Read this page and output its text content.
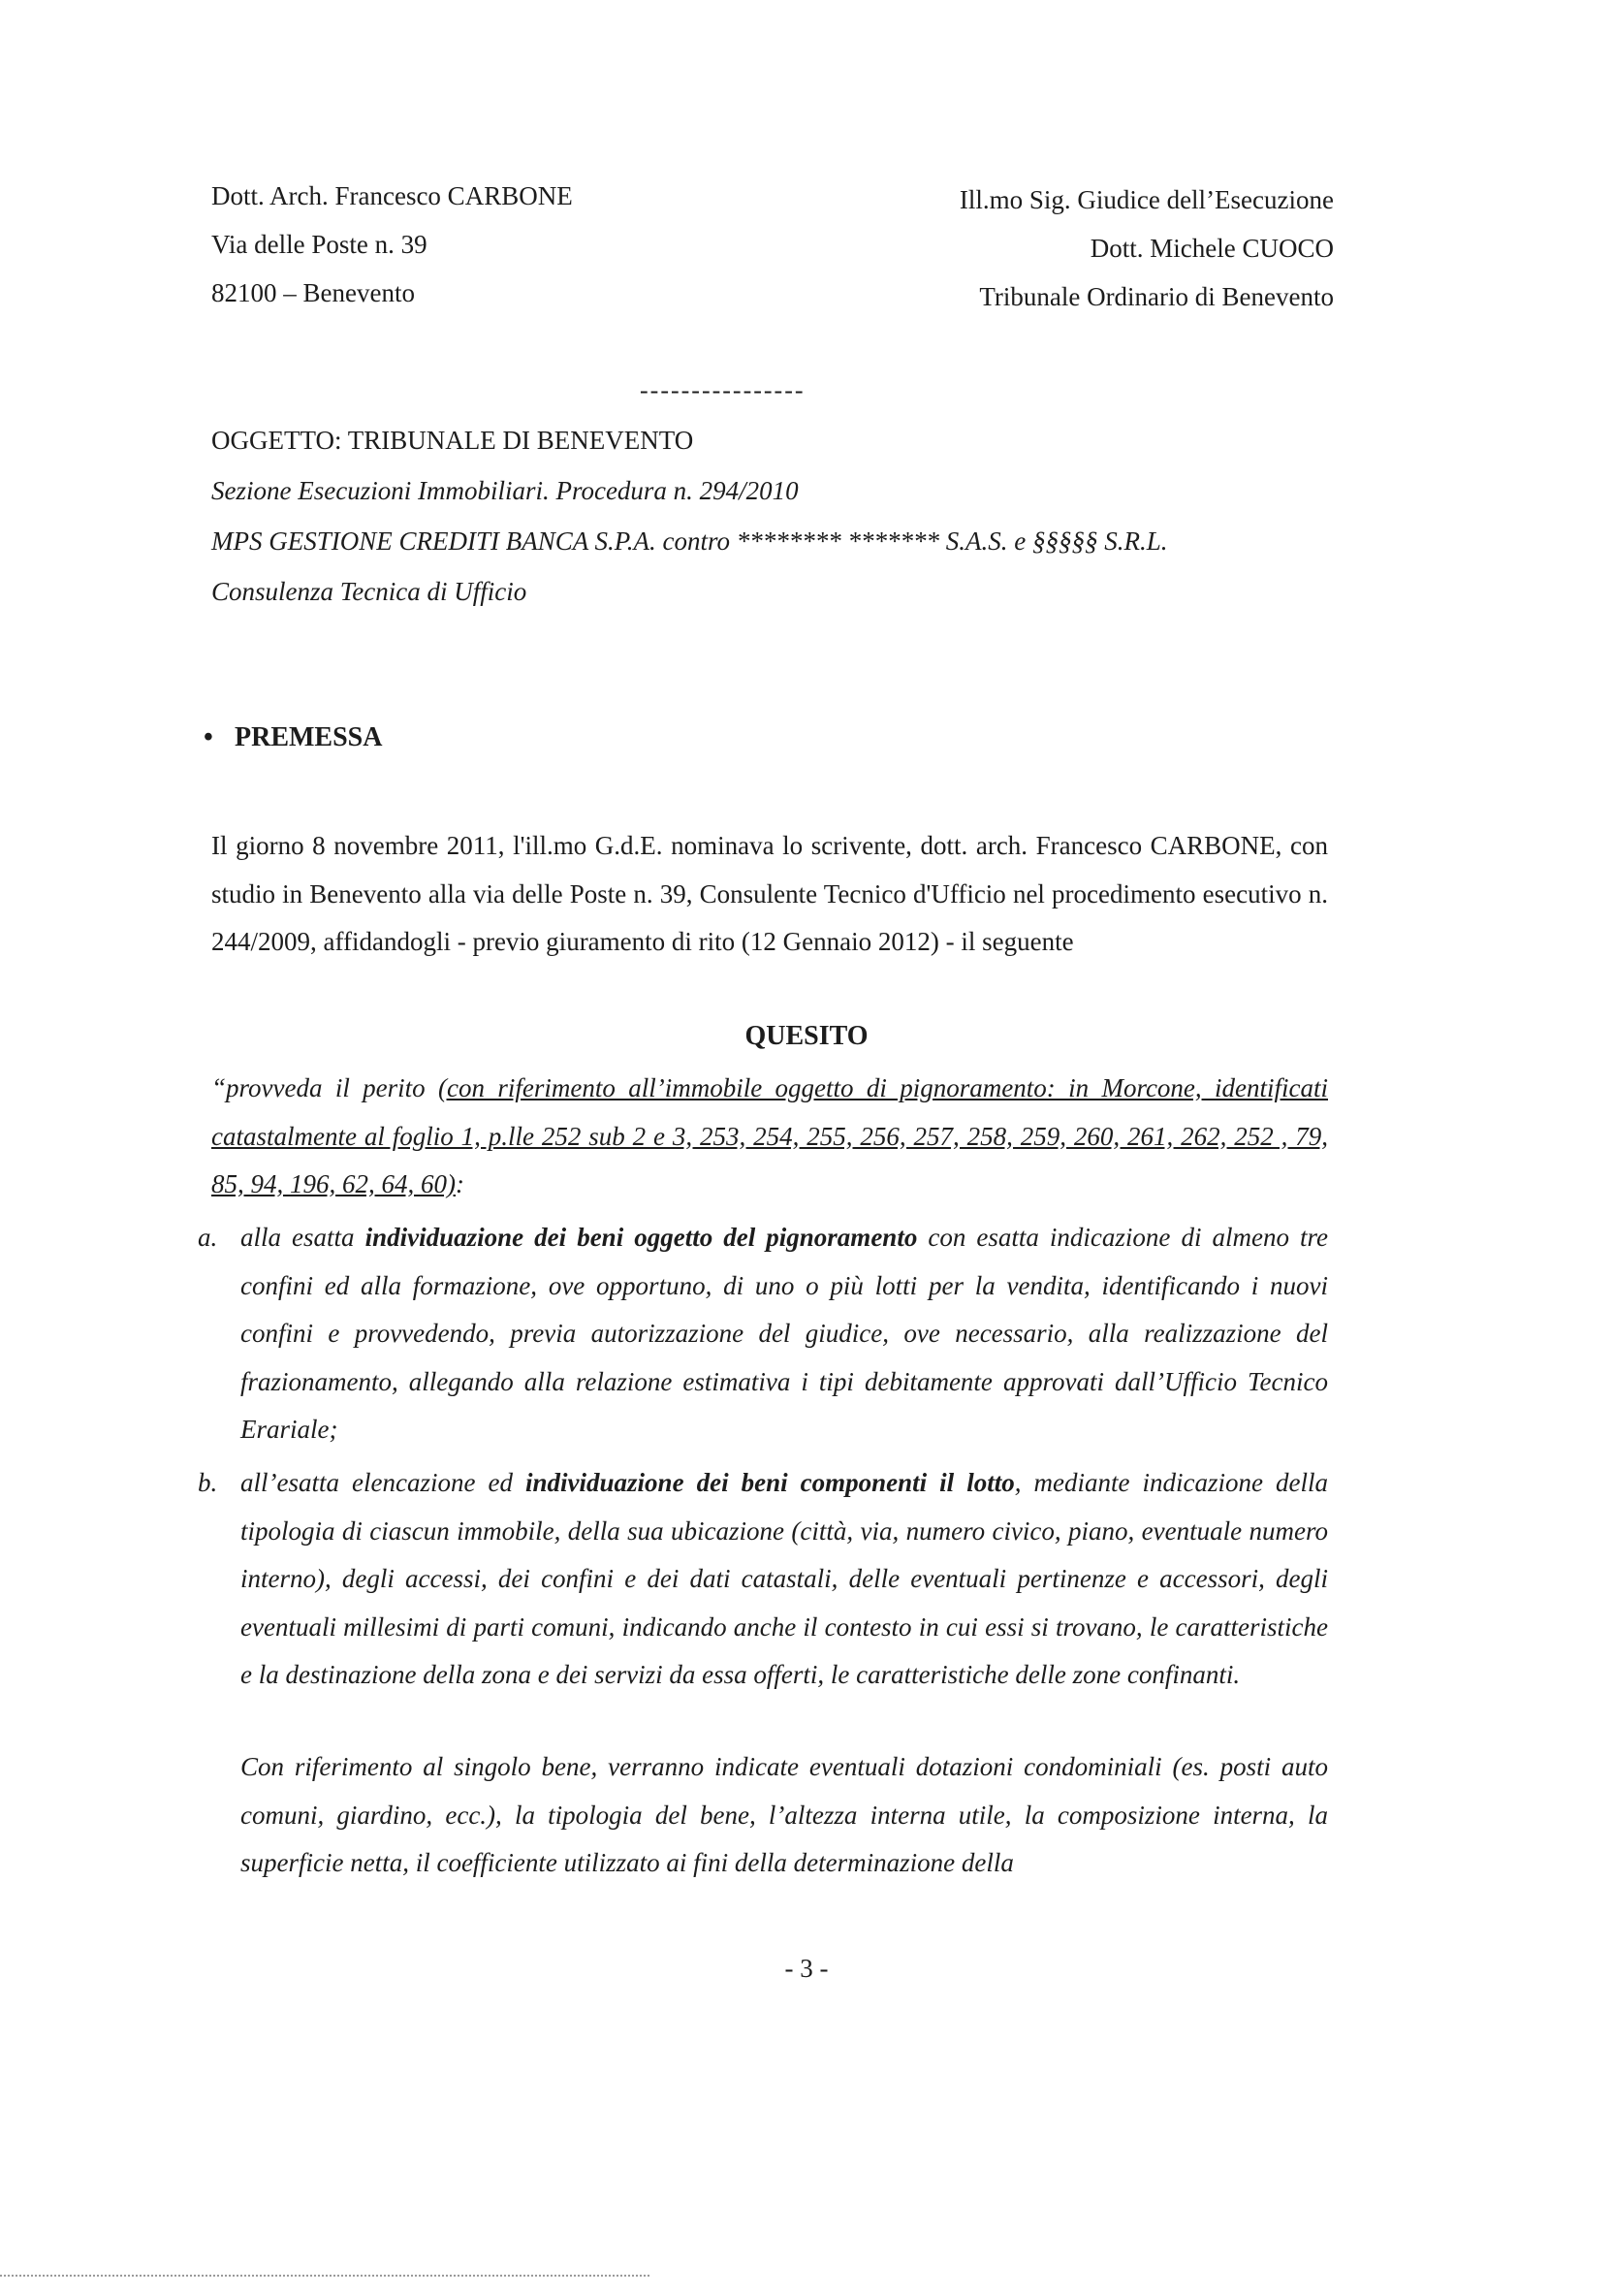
Dott. Arch. Francesco CARBONE
Via delle Poste n. 39
82100 – Benevento
Ill.mo Sig. Giudice dell’Esecuzione
Dott. Michele CUOCO
Tribunale Ordinario di Benevento
----------------
OGGETTO: TRIBUNALE DI BENEVENTO
Sezione Esecuzioni Immobiliari. Procedura n. 294/2010
MPS GESTIONE CREDITI BANCA S.P.A. contro ******** ******* S.A.S. e §§§§§ S.R.L.
Consulenza Tecnica di Ufficio
• PREMESSA

Il giorno 8 novembre 2011, l'ill.mo G.d.E. nominava lo scrivente, dott. arch. Francesco CARBONE, con studio in Benevento alla via delle Poste n. 39, Consulente Tecnico d'Ufficio nel procedimento esecutivo n. 244/2009, affidandogli - previo giuramento di rito (12 Gennaio 2012) - il seguente

QUESITO
“provveda il perito (con riferimento all’immobile oggetto di pignoramento: in Morcone, identificati catastalmente al foglio 1, p.lle 252 sub 2 e 3, 253, 254, 255, 256, 257, 258, 259, 260, 261, 262, 252 , 79, 85, 94, 196, 62, 64, 60):
a. alla esatta individuazione dei beni oggetto del pignoramento con esatta indicazione di almeno tre confini ed alla formazione, ove opportuno, di uno o più lotti per la vendita, identificando i nuovi confini e provvedendo, previa autorizzazione del giudice, ove necessario, alla realizzazione del frazionamento, allegando alla relazione estimativa i tipi debitamente approvati dall’Ufficio Tecnico Erariale;
b. all’esatta elencazione ed individuazione dei beni componenti il lotto, mediante indicazione della tipologia di ciascun immobile, della sua ubicazione (città, via, numero civico, piano, eventuale numero interno), degli accessi, dei confini e dei dati catastali, delle eventuali pertinenze e accessori, degli eventuali millesimi di parti comuni, indicando anche il contesto in cui essi si trovano, le caratteristiche e la destinazione della zona e dei servizi da essa offerti, le caratteristiche delle zone confinanti.
Con riferimento al singolo bene, verranno indicate eventuali dotazioni condominiali (es. posti auto comuni, giardino, ecc.), la tipologia del bene, l’altezza interna utile, la composizione interna, la superficie netta, il coefficiente utilizzato ai fini della determinazione della
- 3 -
